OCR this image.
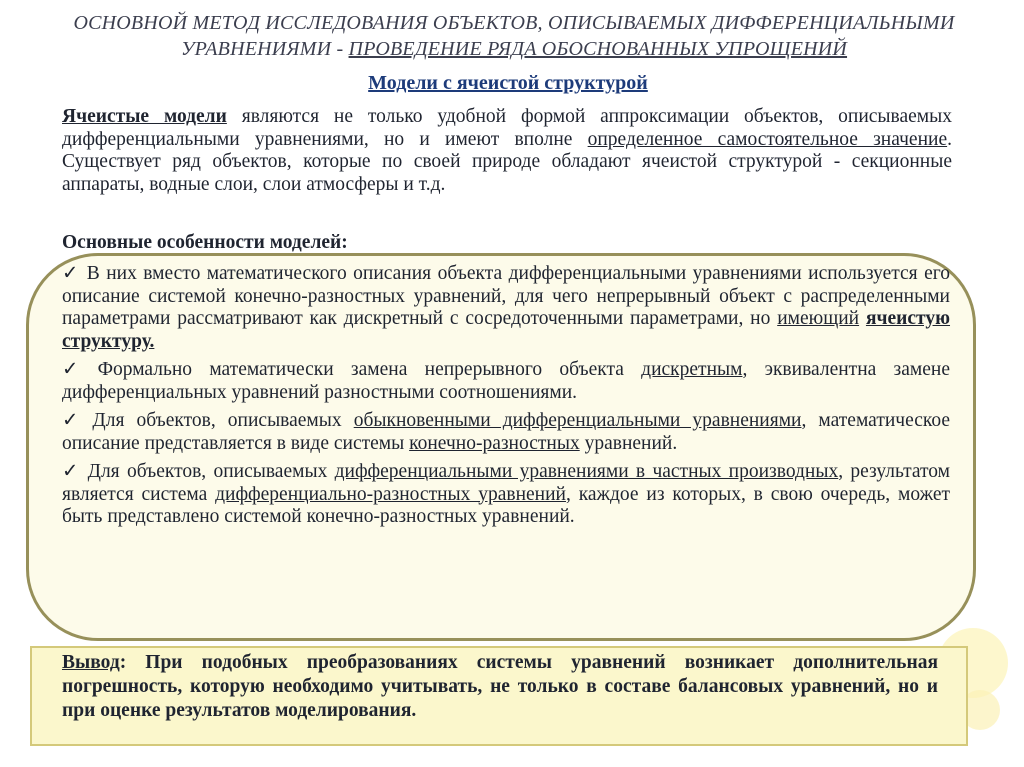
ОСНОВНОЙ МЕТОД ИССЛЕДОВАНИЯ ОБЪЕКТОВ, ОПИСЫВАЕМЫХ ДИФФЕРЕНЦИАЛЬНЫМИ
УРАВНЕНИЯМИ - ПРОВЕДЕНИЕ РЯДА ОБОСНОВАННЫХ УПРОЩЕНИЙ
Модели с ячеистой структурой
Ячеистые модели являются не только удобной формой аппроксимации объектов, описываемых дифференциальными уравнениями, но и имеют вполне определенное самостоятельное значение. Существует ряд объектов, которые по своей природе обладают ячеистой структурой - секционные аппараты, водные слои, слои атмосферы и т.д.
Основные особенности моделей:
✓ В них вместо математического описания объекта дифференциальными уравнениями используется его описание системой конечно-разностных уравнений, для чего непрерывный объект с распределенными параметрами рассматривают как дискретный с сосредоточенными параметрами, но имеющий ячеистую структуру.
✓ Формально математически замена непрерывного объекта дискретным, эквивалентна замене дифференциальных уравнений разностными соотношениями.
✓ Для объектов, описываемых обыкновенными дифференциальными уравнениями, математическое описание представляется в виде системы конечно-разностных уравнений.
✓ Для объектов, описываемых дифференциальными уравнениями в частных производных, результатом является система дифференциально-разностных уравнений, каждое из которых, в свою очередь, может быть представлено системой конечно-разностных уравнений.
Вывод: При подобных преобразованиях системы уравнений возникает дополнительная погрешность, которую необходимо учитывать, не только в составе балансовых уравнений, но и при оценке результатов моделирования.
